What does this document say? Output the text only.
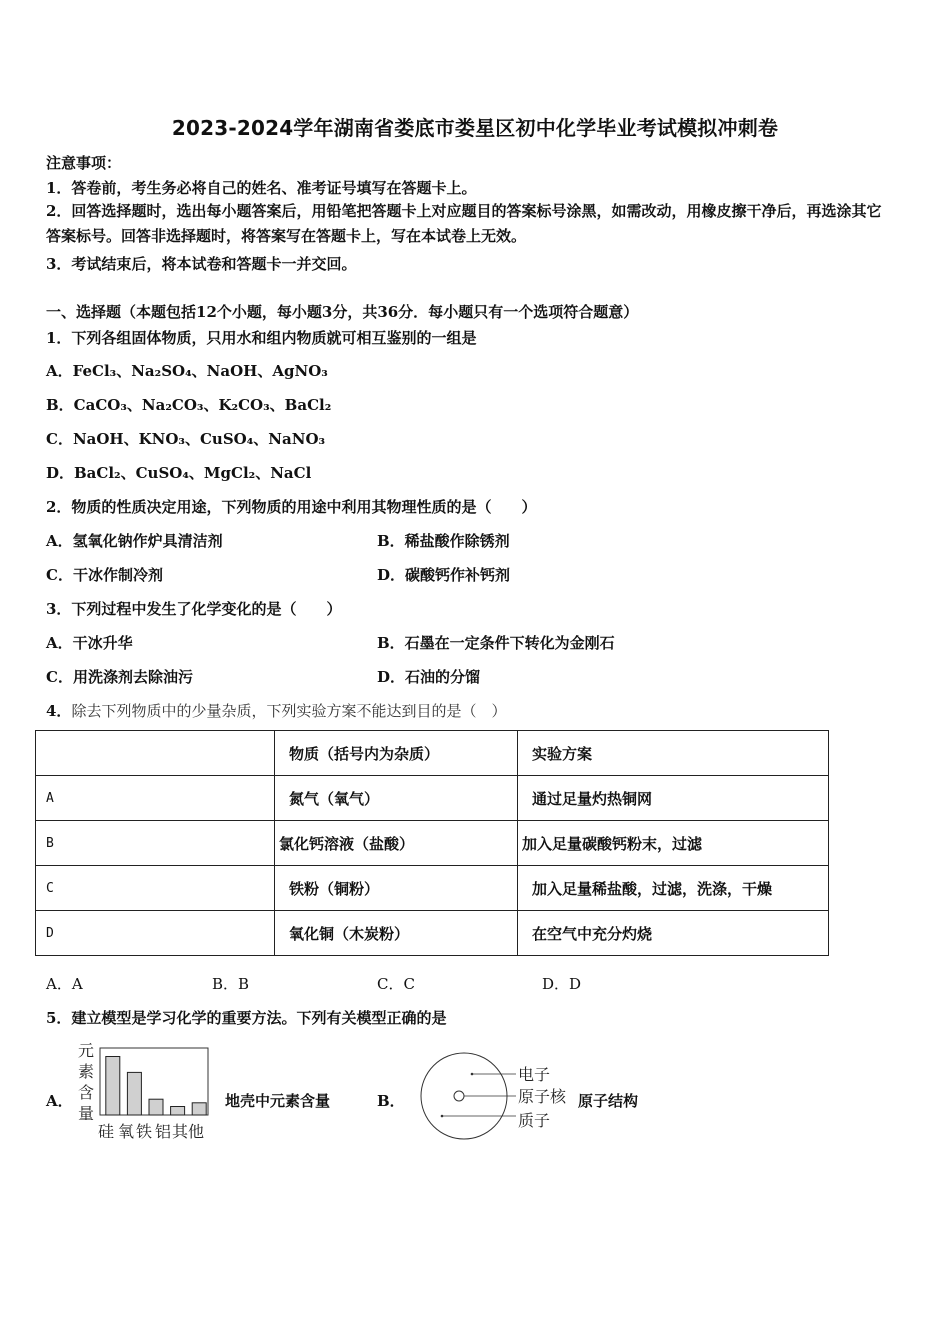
2023-2024学年湖南省娄底市娄星区初中化学毕业考试模拟冲刺卷
注意事项：
1．答卷前，考生务必将自己的姓名、准考证号填写在答题卡上。
2．回答选择题时，选出每小题答案后，用铅笔把答题卡上对应题目的答案标号涂黑，如需改动，用橡皮擦干净后，再选涂其它答案标号。回答非选择题时，将答案写在答题卡上，写在本试卷上无效。
3．考试结束后，将本试卷和答题卡一并交回。
一、选择题（本题包括12个小题，每小题3分，共36分．每小题只有一个选项符合题意）
1．下列各组固体物质，只用水和组内物质就可相互鉴别的一组是
A．FeCl₃、Na₂SO₄、NaOH、AgNO₃
B．CaCO₃、Na₂CO₃、K₂CO₃、BaCl₂
C．NaOH、KNO₃、CuSO₄、NaNO₃
D．BaCl₂、CuSO₄、MgCl₂、NaCl
2．物质的性质决定用途，下列物质的用途中利用其物理性质的是（　　）
A．氢氧化钠作炉具清洁剂	B．稀盐酸作除锈剂
C．干冰作制冷剂	D．碳酸钙作补钙剂
3．下列过程中发生了化学变化的是（　　）
A．干冰升华	B．石墨在一定条件下转化为金刚石
C．用洗涤剂去除油污	D．石油的分馏
4．除去下列物质中的少量杂质，下列实验方案不能达到目的是（　）
	物质（括号内为杂质）	实验方案
A	氮气（氧气）	通过足量灼热铜网
B	氯化钙溶液（盐酸）	加入足量碳酸钙粉末，过滤
C	铁粉（铜粉）	加入足量稀盐酸，过滤，洗涤，干燥
D	氧化铜（木炭粉）	在空气中充分灼烧
A．A	B．B	C．C	D．D
5．建立模型是学习化学的重要方法。下列有关模型正确的是
A．
元
素
含
量
硅 氧 铁 铝 其他
地壳中元素含量	B．
电子
原子核
质子
原子结构
